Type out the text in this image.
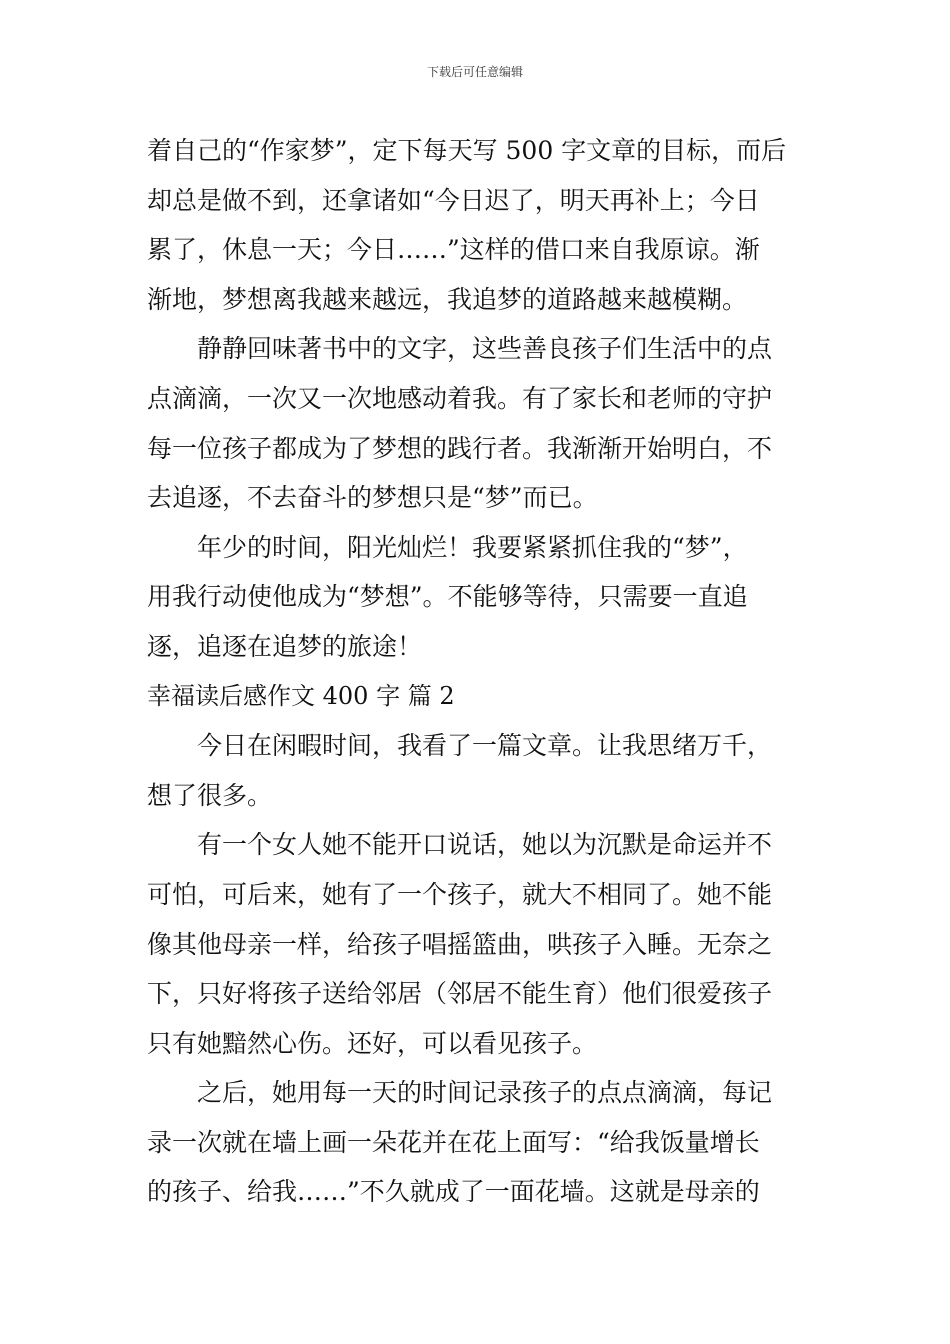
下载后可任意编辑
着自己的“作家梦”，定下每天写 500 字文章的目标，而后
却总是做不到，还拿诸如“今日迟了，明天再补上；今日
累了，休息一天；今日……”这样的借口来自我原谅。渐
渐地，梦想离我越来越远，我追梦的道路越来越模糊。
静静回味著书中的文字，这些善良孩子们生活中的点
点滴滴，一次又一次地感动着我。有了家长和老师的守护
每一位孩子都成为了梦想的践行者。我渐渐开始明白，不
去追逐，不去奋斗的梦想只是“梦”而已。
年少的时间，阳光灿烂！我要紧紧抓住我的“梦”，
用我行动使他成为“梦想”。不能够等待，只需要一直追
逐，追逐在追梦的旅途！
幸福读后感作文 400 字 篇 2
今日在闲暇时间，我看了一篇文章。让我思绪万千，
想了很多。
有一个女人她不能开口说话，她以为沉默是命运并不
可怕，可后来，她有了一个孩子，就大不相同了。她不能
像其他母亲一样，给孩子唱摇篮曲，哄孩子入睡。无奈之
下，只好将孩子送给邻居（邻居不能生育）他们很爱孩子
只有她黯然心伤。还好，可以看见孩子。
之后，她用每一天的时间记录孩子的点点滴滴，每记
录一次就在墙上画一朵花并在花上面写：“给我饭量增长
的孩子、给我……”不久就成了一面花墙。这就是母亲的
